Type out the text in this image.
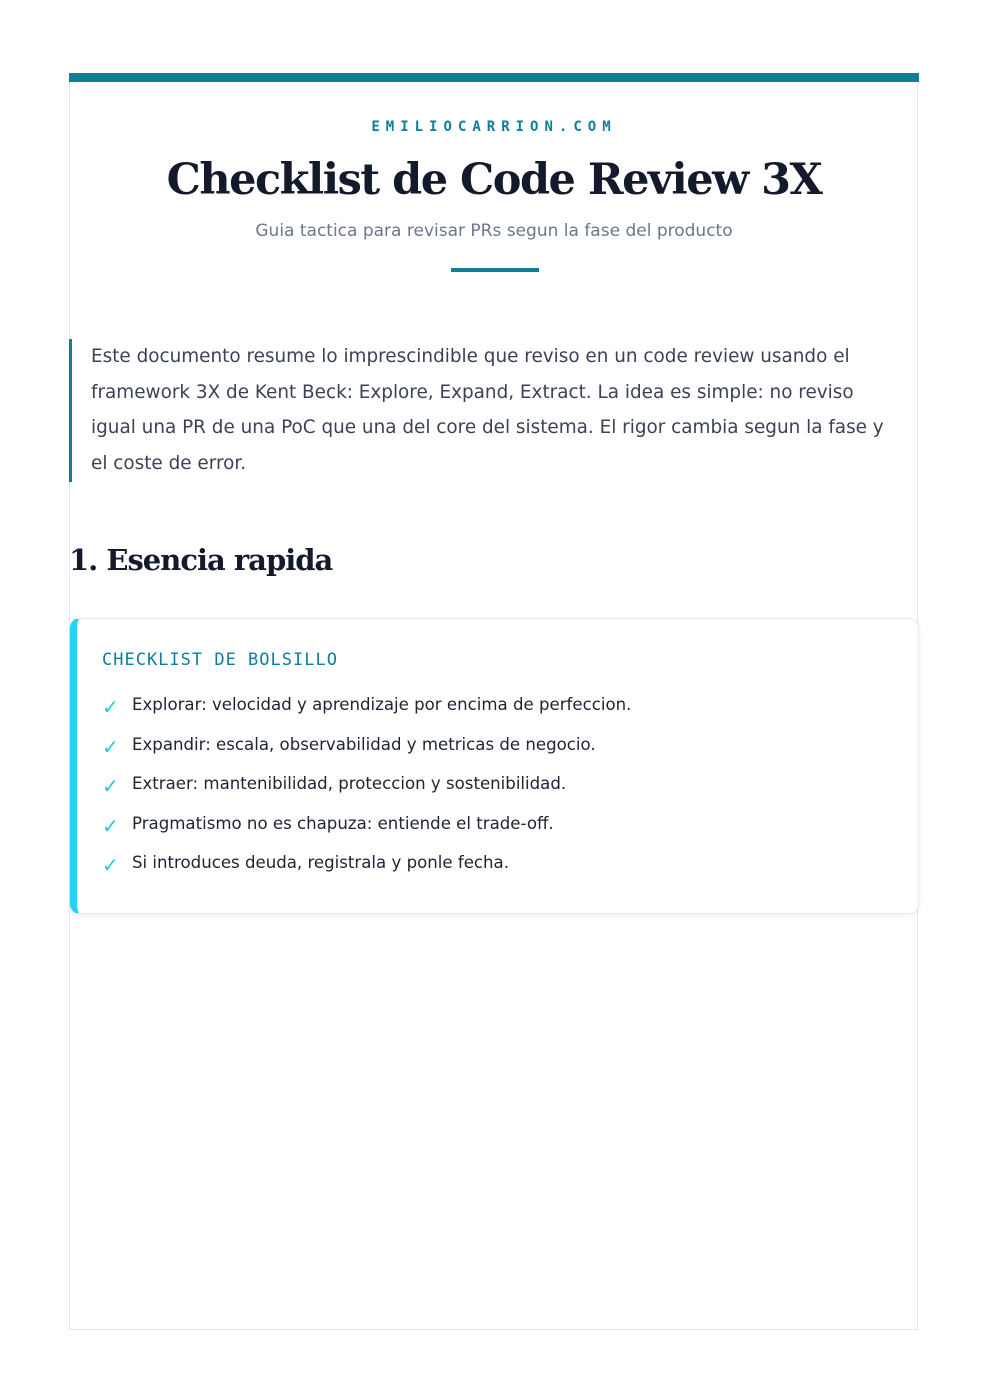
EMILIOCARRION.COM
Checklist de Code Review 3X
Guia tactica para revisar PRs segun la fase del producto
Este documento resume lo imprescindible que reviso en un code review usando el
framework 3X de Kent Beck: Explore, Expand, Extract. La idea es simple: no reviso
igual una PR de una PoC que una del core del sistema. El rigor cambia segun la fase y
el coste de error.
1. Esencia rapida
CHECKLIST DE BOLSILLO
✓ Explorar: velocidad y aprendizaje por encima de perfeccion.
✓ Expandir: escala, observabilidad y metricas de negocio.
✓ Extraer: mantenibilidad, proteccion y sostenibilidad.
✓ Pragmatismo no es chapuza: entiende el trade-off.
✓ Si introduces deuda, registrala y ponle fecha.
